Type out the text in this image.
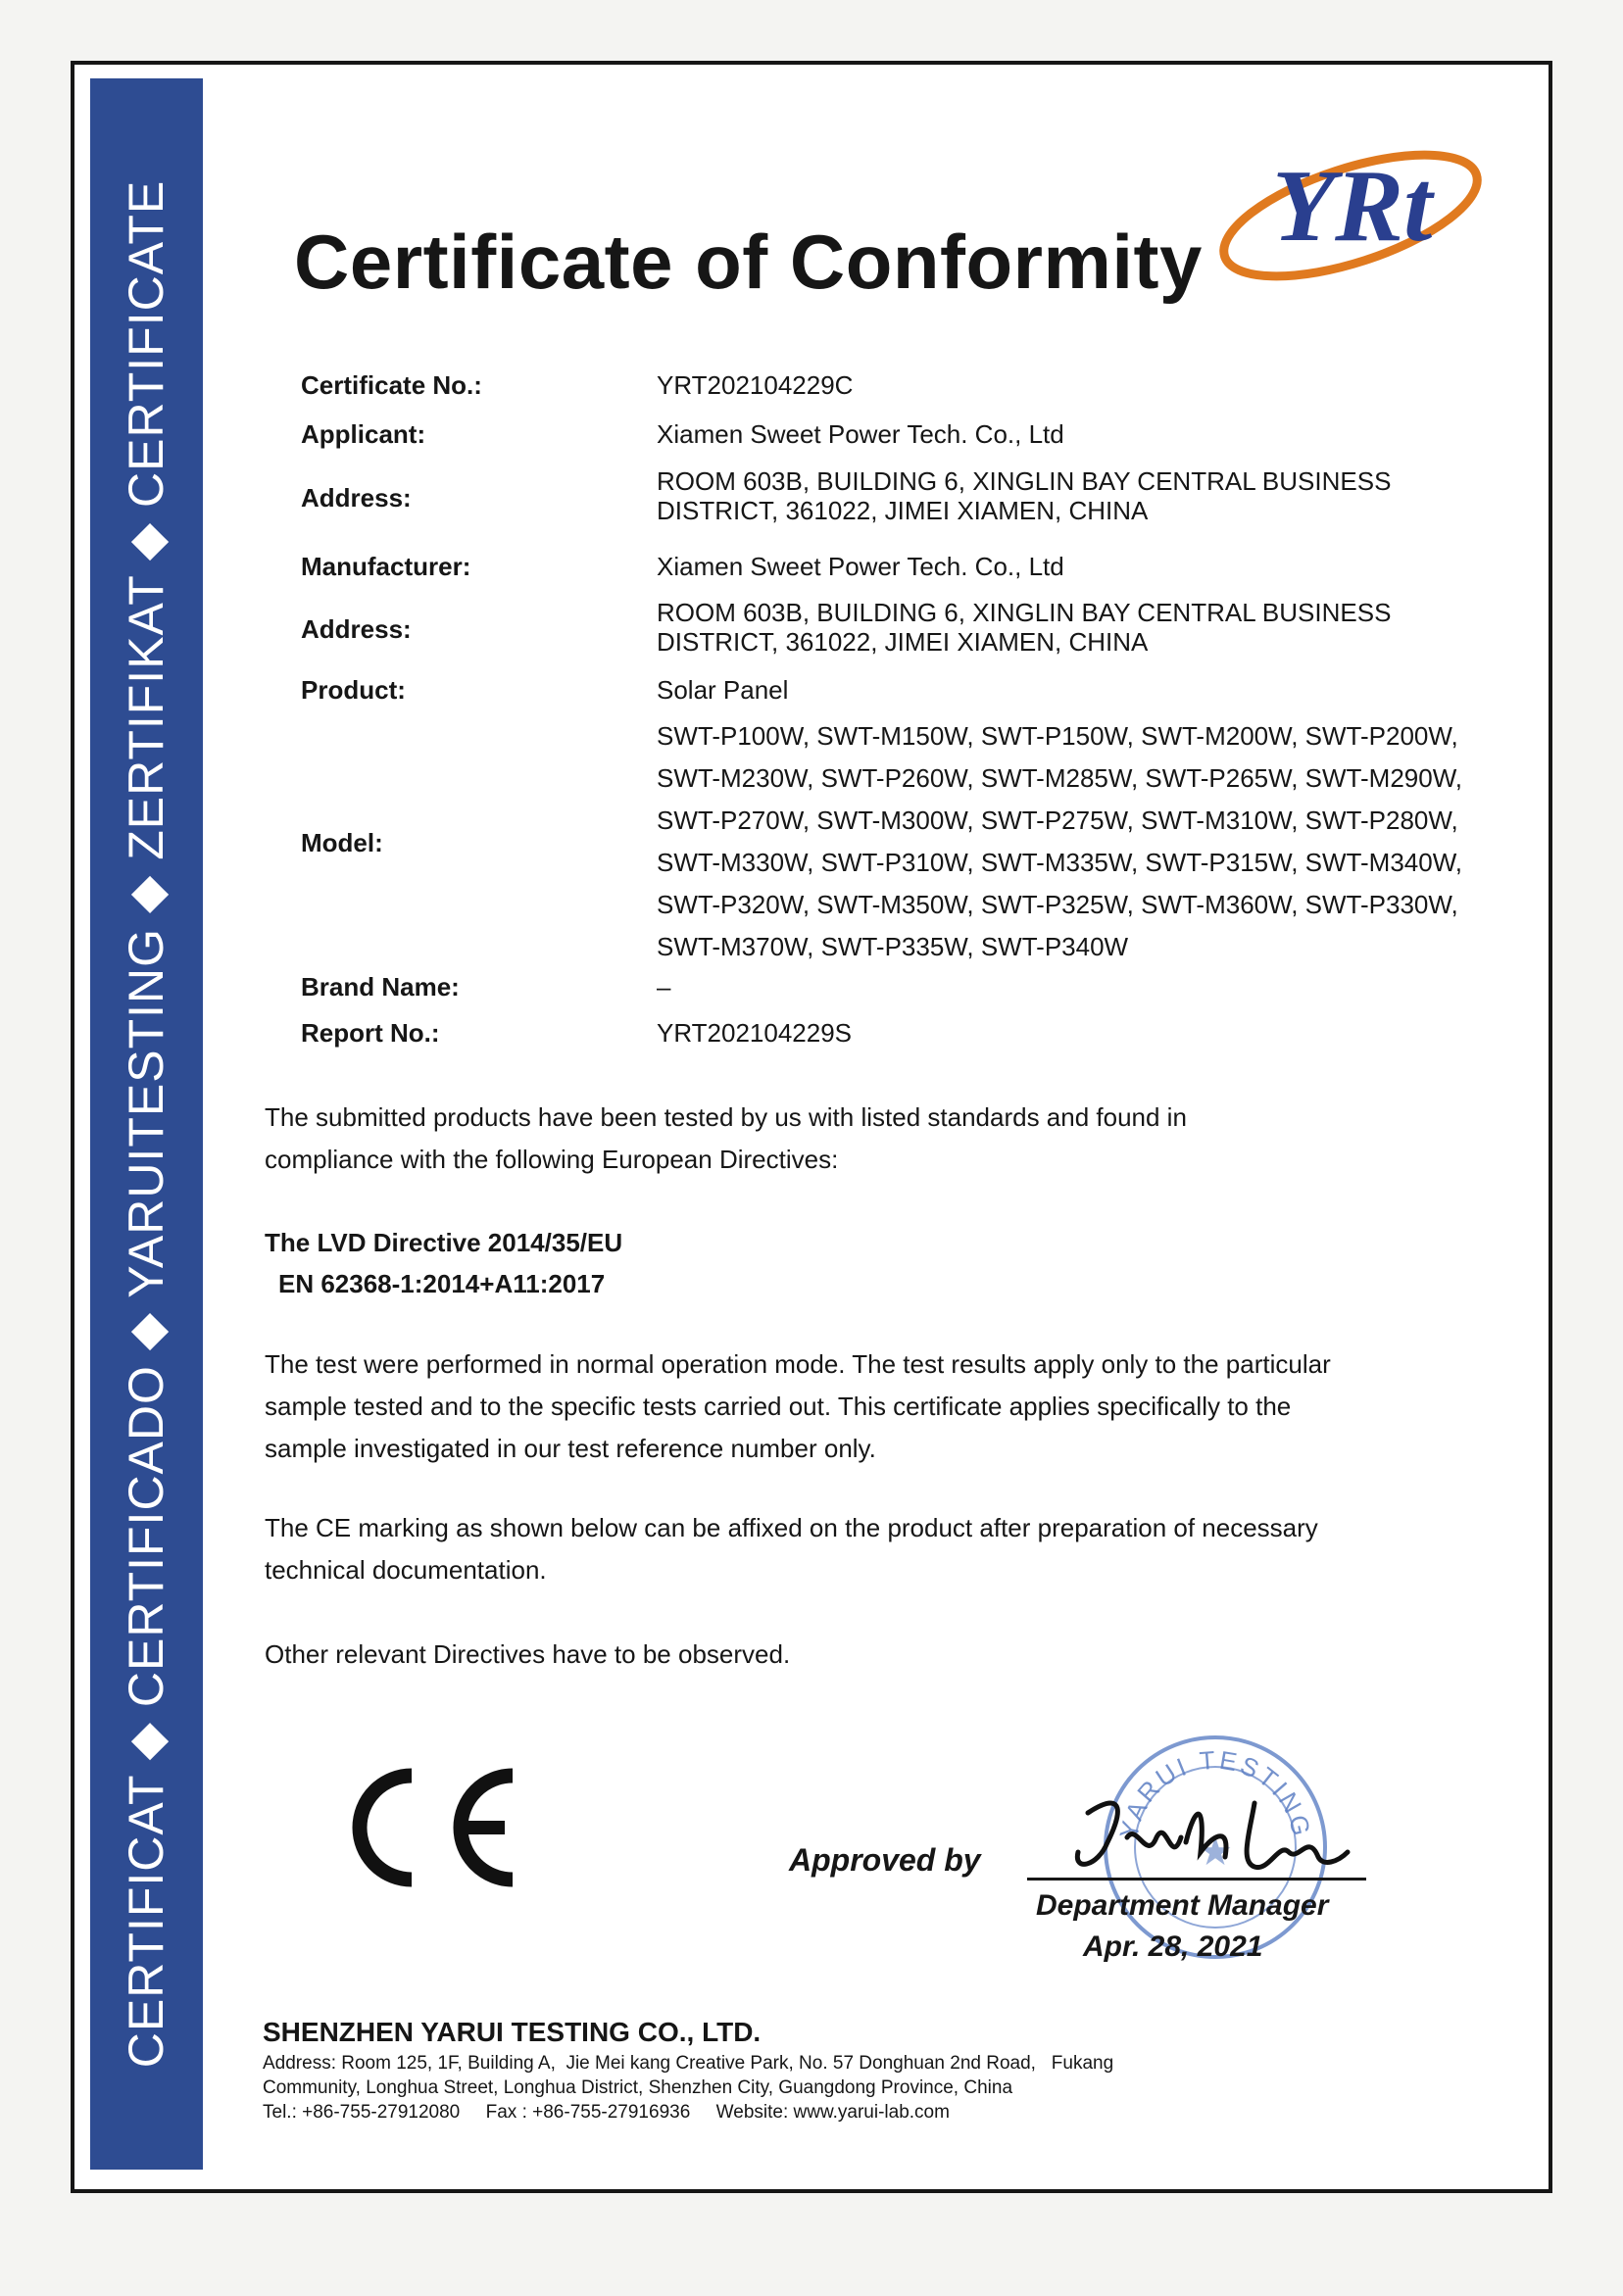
CERTIFICAT ◆ CERTIFICADO ◆ YARUITESTING ◆ ZERTIFIKAT ◆ CERTIFICATE Certificate of Conformity YRt
Certificate No.:	YRT202104229C
Applicant:	Xiamen Sweet Power Tech. Co., Ltd
Address:
ROOM 603B, BUILDING 6, XINGLIN BAY CENTRAL BUSINESS
DISTRICT, 361022, JIMEI XIAMEN, CHINA
Manufacturer:	Xiamen Sweet Power Tech. Co., Ltd
Address:
ROOM 603B, BUILDING 6, XINGLIN BAY CENTRAL BUSINESS
DISTRICT, 361022, JIMEI XIAMEN, CHINA
Product:	Solar Panel
Model:
SWT-P100W, SWT-M150W, SWT-P150W, SWT-M200W, SWT-P200W,
SWT-M230W, SWT-P260W, SWT-M285W, SWT-P265W, SWT-M290W,
SWT-P270W, SWT-M300W, SWT-P275W, SWT-M310W, SWT-P280W,
SWT-M330W, SWT-P310W, SWT-M335W, SWT-P315W, SWT-M340W,
SWT-P320W, SWT-M350W, SWT-P325W, SWT-M360W, SWT-P330W,
SWT-M370W, SWT-P335W, SWT-P340W
Brand Name:	–
Report No.:	YRT202104229S
The submitted products have been tested by us with listed standards and found in
compliance with the following European Directives:
The LVD Directive 2014/35/EU
EN 62368-1:2014+A11:2017
The test were performed in normal operation mode. The test results apply only to the particular
sample tested and to the specific tests carried out. This certificate applies specifically to the
sample investigated in our test reference number only.
The CE marking as shown below can be affixed on the product after preparation of necessary
technical documentation.
Other relevant Directives have to be observed.
Approved by
YARUI TESTING
★
Department Manager
Apr. 28, 2021
SHENZHEN YARUI TESTING CO., LTD.
Address: Room 125, 1F, Building A,  Jie Mei kang Creative Park, No. 57 Donghuan 2nd Road,   Fukang
Community, Longhua Street, Longhua District, Shenzhen City, Guangdong Province, China
Tel.: +86-755-27912080     Fax : +86-755-27916936     Website: www.yarui-lab.com
